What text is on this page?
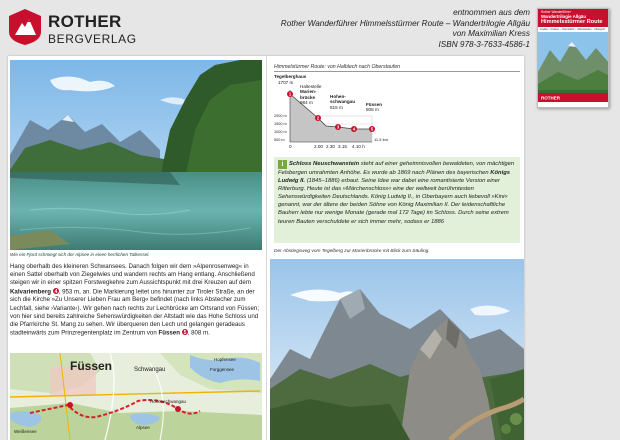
ROTHER
BERGVERLAG
entnommen aus dem
Rother Wanderführer Himmelsstürmer Route – Wandertrilogie Allgäu
von Maximilian Kress
ISBN 978-3-7633-4586-1
Rother Wanderführer
Wandertrilogie Allgäu
Himmelsstürmer Route
Lindau – Füssen – Oberstdorf – Oberstaufen – Oberjoch
ROTHER
Wie ein Fjord schmiegt sich der Alpsee in einen herrlichen Talkessel.
Hang oberhalb des kleineren Schwansees. Danach folgen wir dem »Alpenrosenweg« in einen Sattel oberhalb von Ziegelwies und wandern rechts am Hang entlang. Anschließend steigen wir in einer spitzen Forstwegkehre zum Aussichtspunkt mit drei Kreuzen auf dem Kalvarienberg 4 , 953 m, an. Die Markierung leitet uns hinunter zur Tiroler Straße, an der sich die Kirche »Zu Unserer Lieben Frau am Berg« befindet (nach links Abstecher zum Lechfall, siehe ›Variante‹). Wir gehen nach rechts zur Lechbrücke am Ortsrand von Füssen; von hier sind bereits zahlreiche Sehenswürdigkeiten der Altstadt wie das Hohe Schloss und die Pfarrkirche St. Mang zu sehen. Wir überqueren den Lech und gelangen geradeaus stadteinwärts zum Prinzregentenplatz im Zentrum von Füssen 5 , 808 m.
Füssen	Schwangau
Hohenschwangau
Alpsee
Forggensee
Weißensee
Hopfensee
Himmelstürmer Route: von Halblech nach Oberstaufen
1
2
3	4	5
Tegelberghaus
1707 m
Haltestelle
Marien-
brücke
984 m
Hohen-
schwangau
815 m
Füssen
808 m
2000 m
1500 m
1000 m
500 m
0	2.00 2.30 3.15 4.10 h
11.5 km
i Schloss Neuschwanstein steht auf einer geheimnisvollen bewaldeten, von mächtigen Felsbergen umrahmten Anhöhe. Es wurde ab 1869 nach Plänen des bayerischen Königs Ludwig II. (1845–1886) erbaut. Seine Idee war dabei eine romantisierte Version einer Ritterburg. Heute ist das »Märchenschloss« eine der weltweit berühmtesten Sehenswürdigkeiten Deutschlands. König Ludwig II., in Oberbayern auch liebevoll »Kini« genannt, war der ältere der beiden Söhne von König Maximilian II. Der leidenschaftliche Bauherr lebte nur wenige Monate (gerade mal 172 Tage) im Schloss. Durch seine extrem teuren Bauten verschuldete er sich immer mehr, sodass er 1886
Der Abstiegsweg vom Tegelberg zur Marienbrücke mit Blick zum Säuling.
